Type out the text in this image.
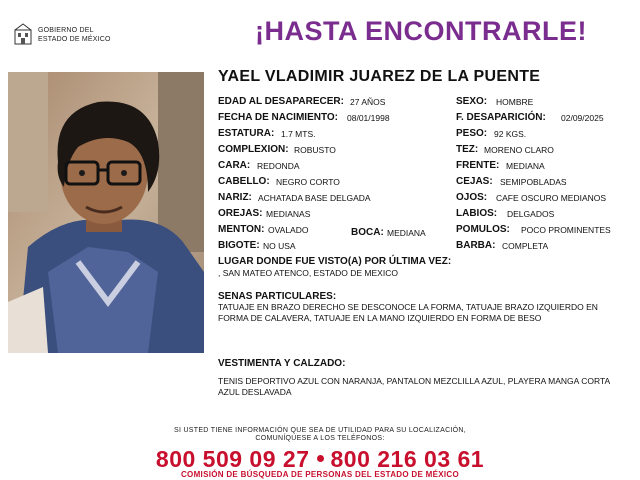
GOBIERNO DEL
ESTADO DE MÉXICO	¡HASTA ENCONTRARLE!
YAEL VLADIMIR JUAREZ DE LA PUENTE
EDAD AL DESAPARECER: 27 AÑOS
FECHA DE NACIMIENTO: 08/01/1998
ESTATURA: 1.7 MTS.
COMPLEXION: ROBUSTO
CARA: REDONDA
CABELLO: NEGRO CORTO
NARIZ: ACHATADA BASE DELGADA
OREJAS: MEDIANAS
MENTON: OVALADO	BOCA: MEDIANA
BIGOTE: NO USA
SEXO: HOMBRE
F. DESAPARICIÓN: 02/09/2025
PESO: 92 KGS.
TEZ: MORENO CLARO
FRENTE: MEDIANA
CEJAS: SEMIPOBLADAS
OJOS: CAFE OSCURO MEDIANOS
LABIOS: DELGADOS
POMULOS: POCO PROMINENTES
BARBA: COMPLETA
LUGAR DONDE FUE VISTO(A) POR ÚLTIMA VEZ:
, SAN MATEO ATENCO, ESTADO DE MEXICO
SENAS PARTICULARES:
TATUAJE EN BRAZO DERECHO SE DESCONOCE LA FORMA, TATUAJE BRAZO IZQUIERDO EN FORMA DE CALAVERA, TATUAJE EN LA MANO IZQUIERDO EN FORMA DE BESO
VESTIMENTA Y CALZADO:
TENIS DEPORTIVO AZUL CON NARANJA, PANTALON MEZCLILLA AZUL, PLAYERA MANGA CORTA AZUL DESLAVADA
SI USTED TIENE INFORMACIÓN QUE SEA DE UTILIDAD PARA SU LOCALIZACIÓN,
COMUNÍQUESE A LOS TELÉFONOS:
800 509 09 27 800 216 03 61
COMISIÓN DE BÚSQUEDA DE PERSONAS DEL ESTADO DE MÉXICO
